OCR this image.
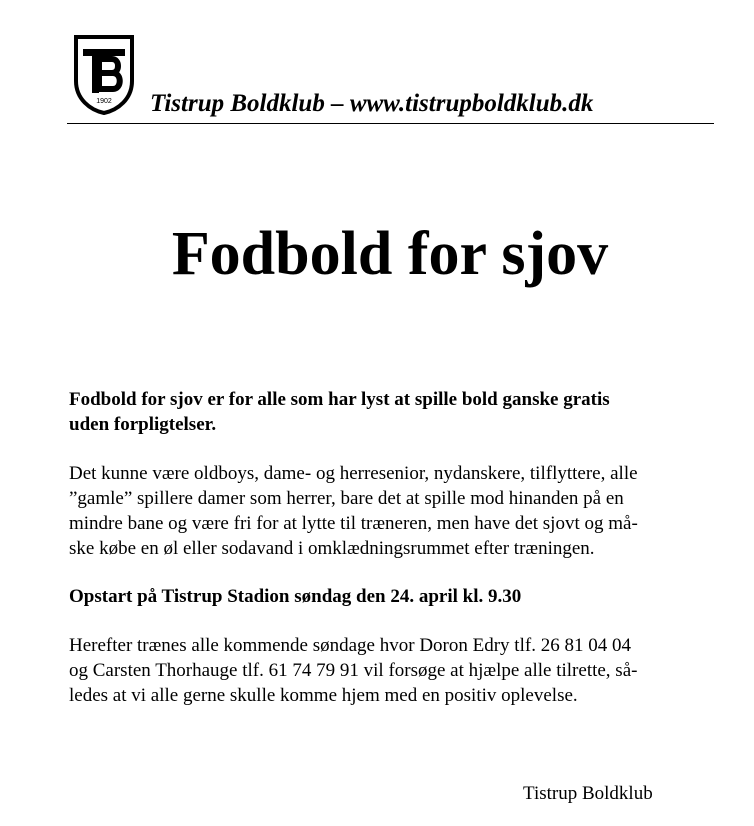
1902 Tistrup Boldklub – www.tistrupboldklub.dk
Fodbold for sjov

Fodbold for sjov er for alle som har lyst at spille bold ganske gratis
uden forpligtelser.

Det kunne være oldboys, dame- og herresenior, nydanskere, tilflyttere, alle
”gamle” spillere damer som herrer, bare det at spille mod hinanden på en
mindre bane og være fri for at lytte til træneren, men have det sjovt og må-
ske købe en øl eller sodavand i omklædningsrummet efter træningen.

Opstart på Tistrup Stadion søndag den 24. april kl. 9.30

Herefter trænes alle kommende søndage hvor Doron Edry tlf. 26 81 04 04
og Carsten Thorhauge tlf. 61 74 79 91 vil forsøge at hjælpe alle tilrette, så-
ledes at vi alle gerne skulle komme hjem med en positiv oplevelse.

Tistrup Boldklub
